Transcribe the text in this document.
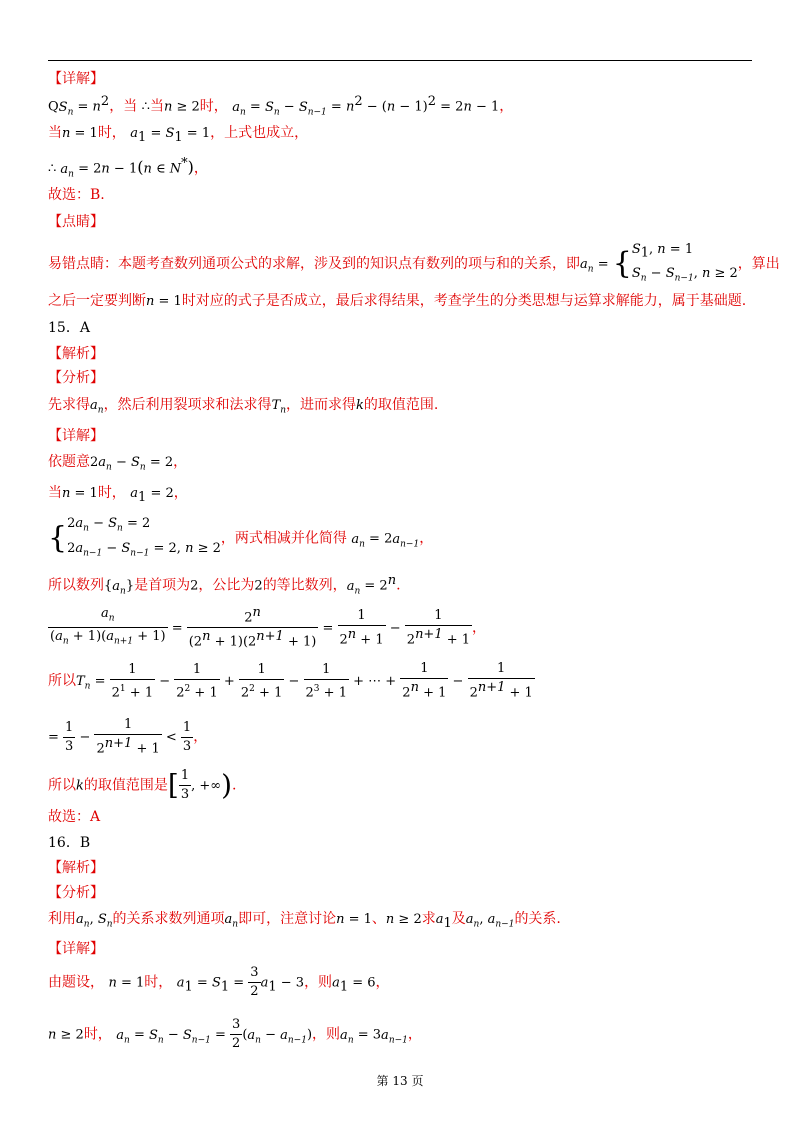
【详解】
$QS_n = n^2$，当 ∴当n ≥ 2时， $a_n = S_n - S_{n-1} = n^2 - (n - 1)^2 = 2n - 1$，
当n = 1时， $a_1 = S_1 = 1$，上式也成立，
∴ $a_n = 2n - 1(n$ ∈ N*)，
故选：B.
【点睛】
易错点睛：本题考查数列通项公式的求解，涉及到的知识点有数列的项与和的关系，即$a_n$ = { $S_1$, n = 1
$S_n - S_{n-1}$, n ≥ 2
，算出
之后一定要判断n = 1时对应的式子是否成立，最后求得结果，考查学生的分类思想与运算求解能力，属于基础题.
15．A
【解析】
【分析】
先求得$a_n$，然后利用裂项求和法求得$T_n$，进而求得k的取值范围.
【详解】
依题意$2a_n - S_n = 2$，
当n = 1时， $a_1 = 2$，
{ $2a_n - S_n = 2$
$2a_{n-1} - S_{n-1} = 2$, n ≥ 2
，两式相减并化简得 $a_n = 2a_{n-1}$，
所以数列$\{a_n\}$是首项为2，公比为2的等比数列，$a_n = 2^n$.
$\frac{a_n}{(a_n + 1)(a_{n+1} + 1)} = \frac{2^n}{(2^n + 1)(2^{n+1} + 1)} = \frac{1}{2^n + 1} - \frac{1}{2^{n+1} + 1}$ ，
所以$T_n = \frac{1}{2^1 + 1} - \frac{1}{2^2 + 1} + \frac{1}{2^2 + 1} - \frac{1}{2^3 + 1}$ + ⋯ + $\frac{1}{2^n + 1} - \frac{1}{2^{n+1} + 1}$
= $\frac{1}{3} - \frac{1}{2^{n+1} + 1} < \frac{1}{3}$ ，
所以k的取值范围是[ $\frac{1}{3}$ , +∞).
故选：A
16．B
【解析】
【分析】
利用$a_n$, $S_n$的关系求数列通项$a_n$即可，注意讨论n = 1、n ≥ 2求$a_1$及$a_n$, $a_{n-1}$的关系.
【详解】
由题设， n = 1时， $a_1 = S_1 = \frac{3}{2} a_1 - 3$，则$a_1 = 6$，
n ≥ 2时， $a_n = S_n - S_{n-1} = \frac{3}{2} (a_n - a_{n-1})$，则$a_n = 3a_{n-1}$，
第 13 页
